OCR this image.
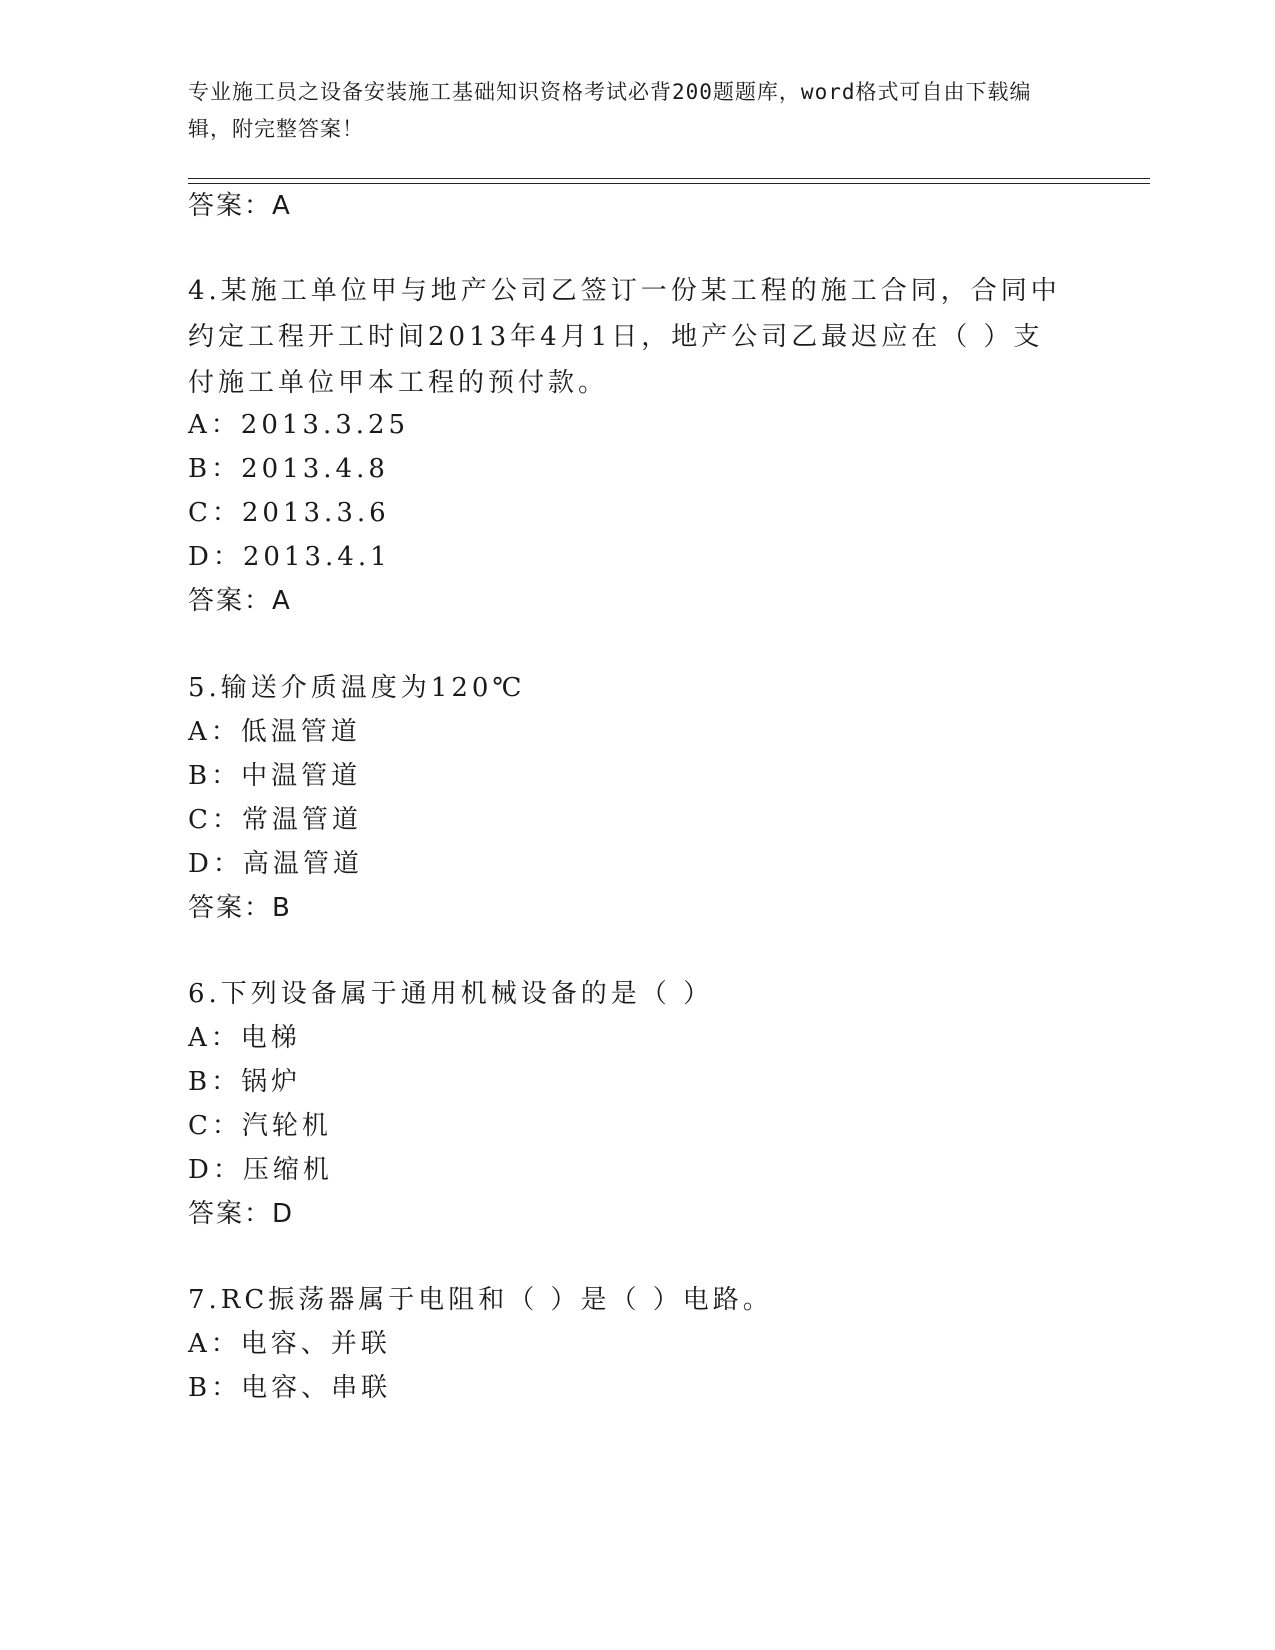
专业施工员之设备安装施工基础知识资格考试必背200题题库，word格式可自由下载编辑，附完整答案！
答案：A
4.某施工单位甲与地产公司乙签订一份某工程的施工合同，合同中约定工程开工时间2013年4月1日，地产公司乙最迟应在（ ）支付施工单位甲本工程的预付款。
A：2013.3.25
B：2013.4.8
C：2013.3.6
D：2013.4.1
答案：A
5.输送介质温度为120℃
A：低温管道
B：中温管道
C：常温管道
D：高温管道
答案：B
6.下列设备属于通用机械设备的是（ ）
A：电梯
B：锅炉
C：汽轮机
D：压缩机
答案：D
7.RC振荡器属于电阻和（ ）是（ ）电路。
A：电容、并联
B：电容、串联
